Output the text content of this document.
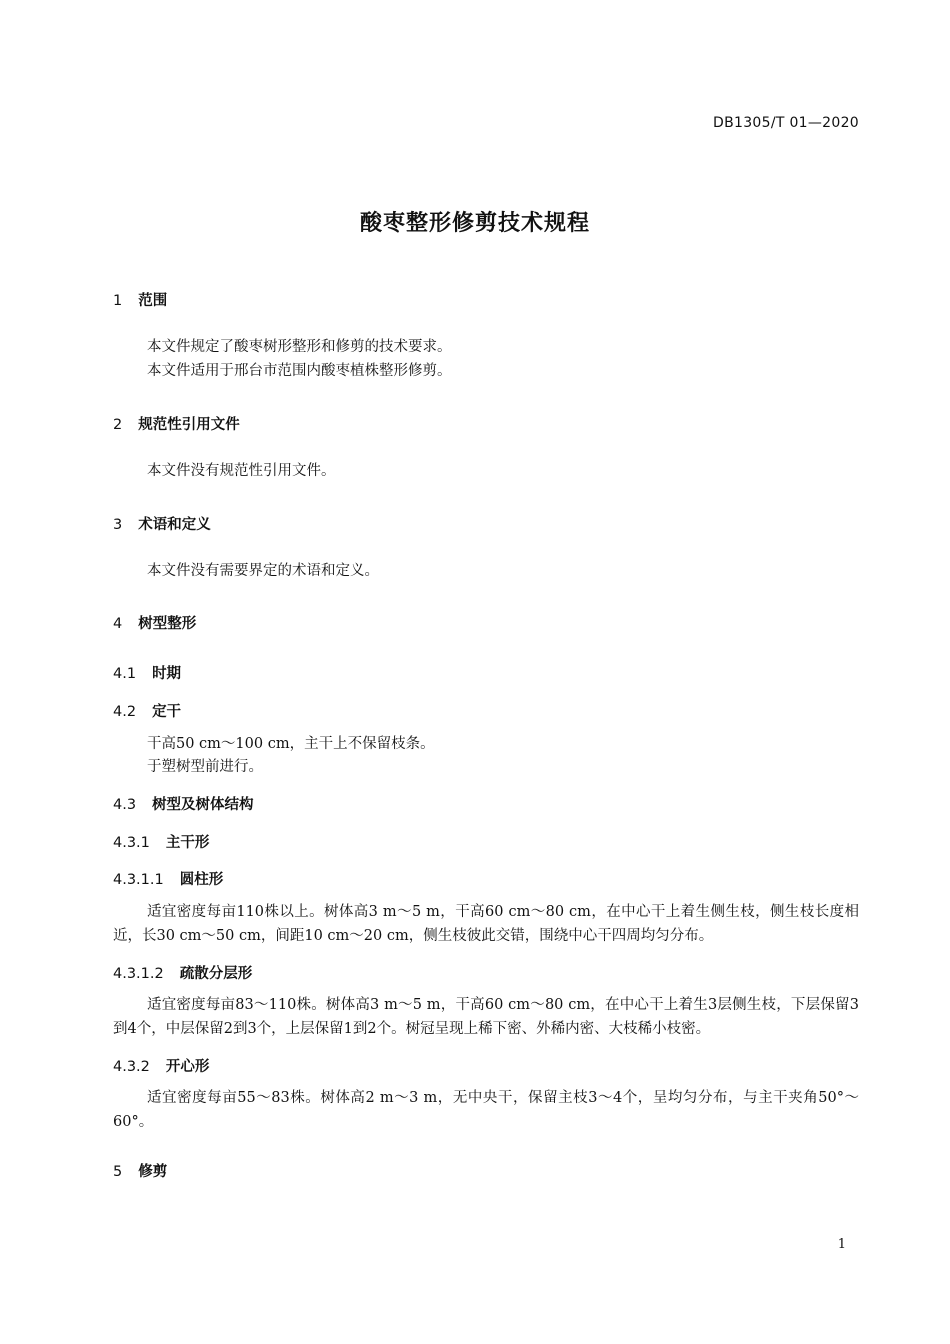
DB1305/T 01—2020
酸枣整形修剪技术规程
1 范围

本文件规定了酸枣树形整形和修剪的技术要求。

本文件适用于邢台市范围内酸枣植株整形修剪。

2 规范性引用文件

本文件没有规范性引用文件。

3 术语和定义

本文件没有需要界定的术语和定义。

4 树型整形
4.1 时期
4.2 定干

干高50 cm～100 cm，主干上不保留枝条。

于塑树型前进行。

4.3 树型及树体结构
4.3.1 主干形
4.3.1.1 圆柱形

适宜密度每亩110株以上。树体高3 m～5 m，干高60 cm～80 cm，在中心干上着生侧生枝，侧生枝长度相近，长30 cm～50 cm，间距10 cm～20 cm，侧生枝彼此交错，围绕中心干四周均匀分布。

4.3.1.2 疏散分层形

适宜密度每亩83～110株。树体高3 m～5 m，干高60 cm～80 cm，在中心干上着生3层侧生枝，下层保留3到4个，中层保留2到3个，上层保留1到2个。树冠呈现上稀下密、外稀内密、大枝稀小枝密。

4.3.2 开心形

适宜密度每亩55～83株。树体高2 m～3 m，无中央干，保留主枝3～4个，呈均匀分布，与主干夹角50°～60°。

5 修剪
1
